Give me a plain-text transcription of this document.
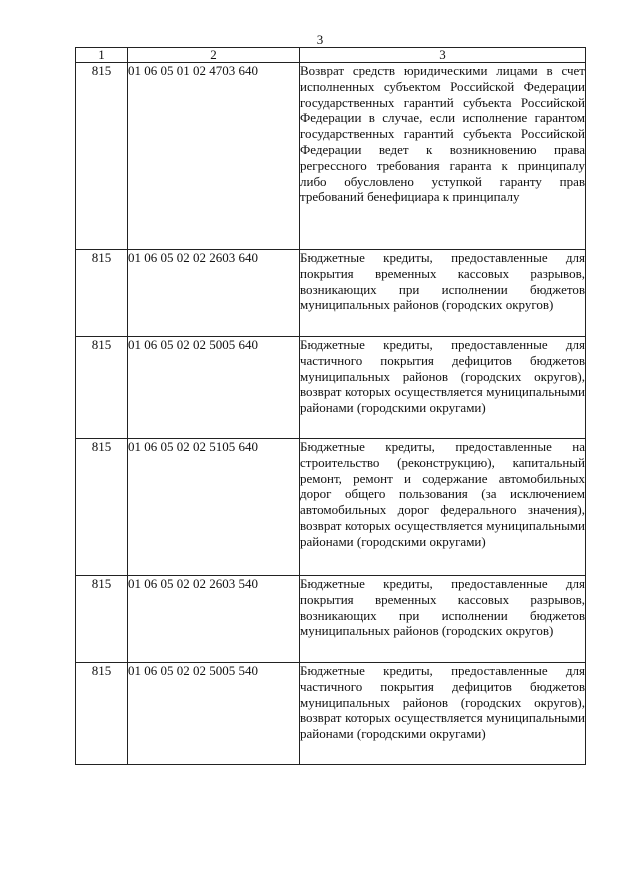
3
1	2	3
815	01 06 05 01 02 4703 640	Возврат средств юридическими лицами в счет исполненных субъектом Российской Федерации государственных гарантий субъекта Российской Федерации в случае, если исполнение гарантом государственных гарантий субъекта Российской Федерации ведет к возникновению права регрессного требования гаранта к принципалу либо обусловлено уступкой гаранту прав требований бенефициара к принципалу
815	01 06 05 02 02 2603 640	Бюджетные кредиты, предоставленные для покрытия временных кассовых разрывов, возникающих при исполнении бюджетов муниципальных районов (городских округов)
815	01 06 05 02 02 5005 640	Бюджетные кредиты, предоставленные для частичного покрытия дефицитов бюджетов муниципальных районов (городских округов), возврат которых осуществляется муниципальными районами (городскими округами)
815	01 06 05 02 02 5105 640	Бюджетные кредиты, предоставленные на строительство (реконструкцию), капитальный ремонт, ремонт и содержание автомобильных дорог общего пользования (за исключением автомобильных дорог федерального значения), возврат которых осуществляется муниципальными районами (городскими округами)
815	01 06 05 02 02 2603 540	Бюджетные кредиты, предоставленные для покрытия временных кассовых разрывов, возникающих при исполнении бюджетов муниципальных районов (городских округов)
815	01 06 05 02 02 5005 540	Бюджетные кредиты, предоставленные для частичного покрытия дефицитов бюджетов муниципальных районов (городских округов), возврат которых осуществляется муниципальными районами (городскими округами)
